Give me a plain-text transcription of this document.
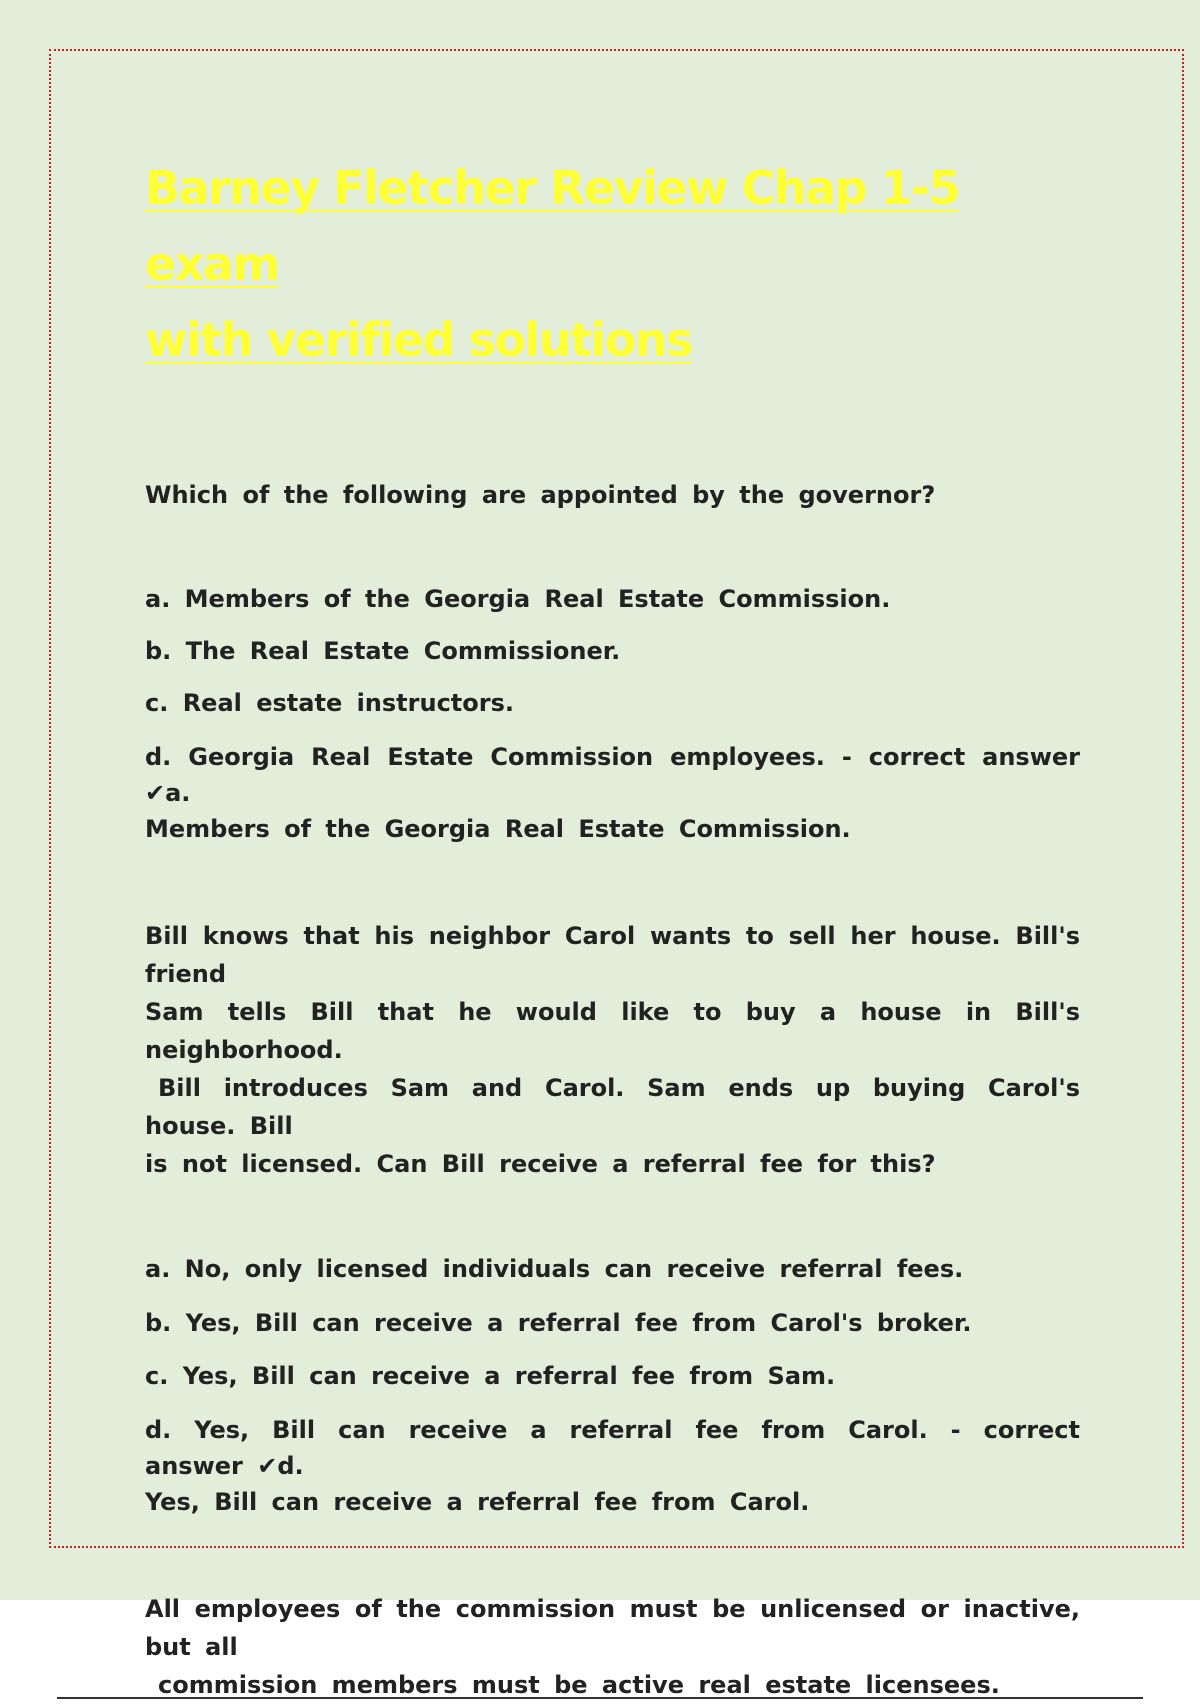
Barney Fletcher Review Chap 1-5 exam
with verified solutions

Which of the following are appointed by the governor?

a. Members of the Georgia Real Estate Commission.

b. The Real Estate Commissioner.

c. Real estate instructors.

d. Georgia Real Estate Commission employees. - correct answer ✔a.
Members of the Georgia Real Estate Commission.

Bill knows that his neighbor Carol wants to sell her house. Bill's friend
Sam tells Bill that he would like to buy a house in Bill's neighborhood.
Bill introduces Sam and Carol. Sam ends up buying Carol's house. Bill
is not licensed. Can Bill receive a referral fee for this?

a. No, only licensed individuals can receive referral fees.

b. Yes, Bill can receive a referral fee from Carol's broker.

c. Yes, Bill can receive a referral fee from Sam.

d. Yes, Bill can receive a referral fee from Carol. - correct answer ✔d.
Yes, Bill can receive a referral fee from Carol.

All employees of the commission must be unlicensed or inactive, but all
commission members must be active real estate licensees.
